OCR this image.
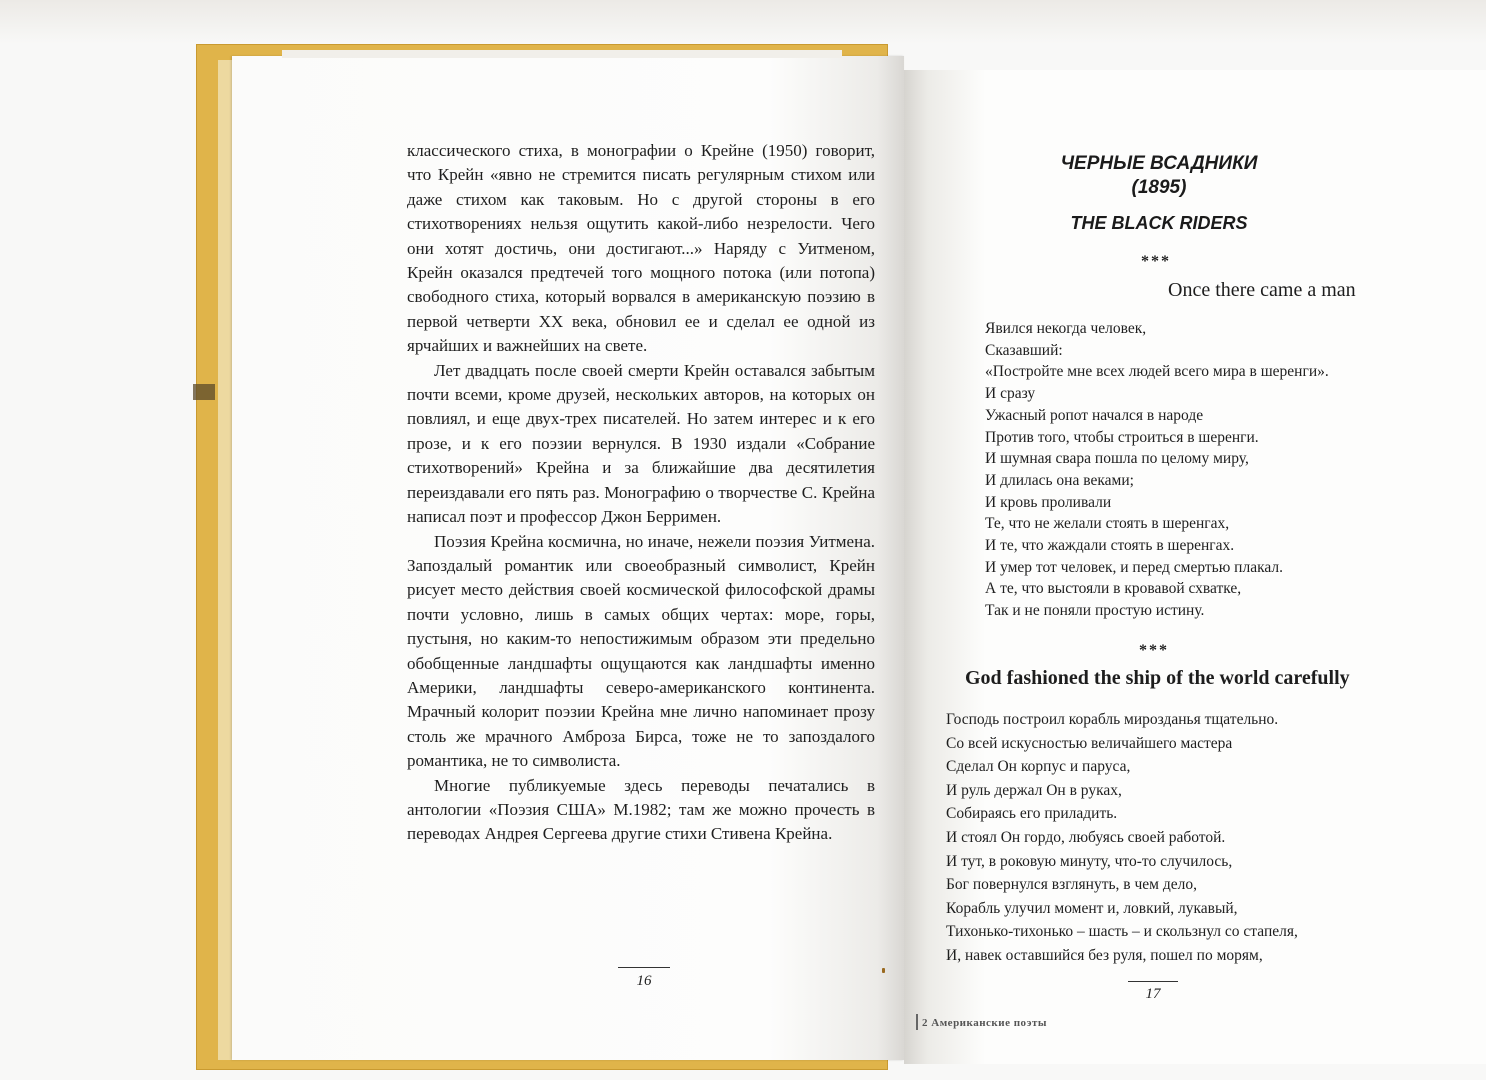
классического стиха, в монографии о Крейне (1950) говорит, что Крейн «явно не стремится писать регулярным стихом или даже стихом как таковым. Но с другой стороны в его стихотворениях нельзя ощутить какой-либо незрелости. Чего они хотят достичь, они достигают...» Наряду с Уитменом, Крейн оказался предтечей того мощного потока (или потопа) свободного стиха, который ворвался в американскую поэзию в первой четверти XX века, обновил ее и сделал ее одной из ярчайших и важнейших на свете.

Лет двадцать после своей смерти Крейн оставался забытым почти всеми, кроме друзей, нескольких авторов, на которых он повлиял, и еще двух-трех писателей. Но затем интерес и к его прозе, и к его поэзии вернулся. В 1930 издали «Собрание стихотворений» Крейна и за ближайшие два десятилетия переиздавали его пять раз. Монографию о творчестве С. Крейна написал поэт и профессор Джон Берримен.

Поэзия Крейна космична, но иначе, нежели поэзия Уитмена. Запоздалый романтик или своеобразный символист, Крейн рисует место действия своей космической философской драмы почти условно, лишь в самых общих чертах: море, горы, пустыня, но каким-то непостижимым образом эти предельно обобщенные ландшафты ощущаются как ландшафты именно Америки, ландшафты северо-американского континента. Мрачный колорит поэзии Крейна мне лично напоминает прозу столь же мрачного Амброза Бирса, тоже не то запоздалого романтика, не то символиста.

Многие публикуемые здесь переводы печатались в антологии «Поэзия США» М.1982; там же можно прочесть в переводах Андрея Сергеева другие стихи Стивена Крейна.

16
ЧЕРНЫЕ ВСАДНИКИ
(1895)
THE BLACK RIDERS
***
Once there came a man
Явился некогда человек,
Сказавший:
«Постройте мне всех людей всего мира в шеренги».
И сразу
Ужасный ропот начался в народе
Против того, чтобы строиться в шеренги.
И шумная свара пошла по целому миру,
И длилась она веками;
И кровь проливали
Те, что не желали стоять в шеренгах,
И те, что жаждали стоять в шеренгах.
И умер тот человек, и перед смертью плакал.
А те, что выстояли в кровавой схватке,
Так и не поняли простую истину.
***
God fashioned the ship of the world carefully
Господь построил корабль мирозданья тщательно.
Со всей искусностью величайшего мастера
Сделал Он корпус и паруса,
И руль держал Он в руках,
Собираясь его приладить.
И стоял Он гордо, любуясь своей работой.
И тут, в роковую минуту, что-то случилось,
Бог повернулся взглянуть, в чем дело,
Корабль улучил момент и, ловкий, лукавый,
Тихонько-тихонько – шасть – и скользнул со стапеля,
И, навек оставшийся без руля, пошел по морям,
17
2 Американские поэты
